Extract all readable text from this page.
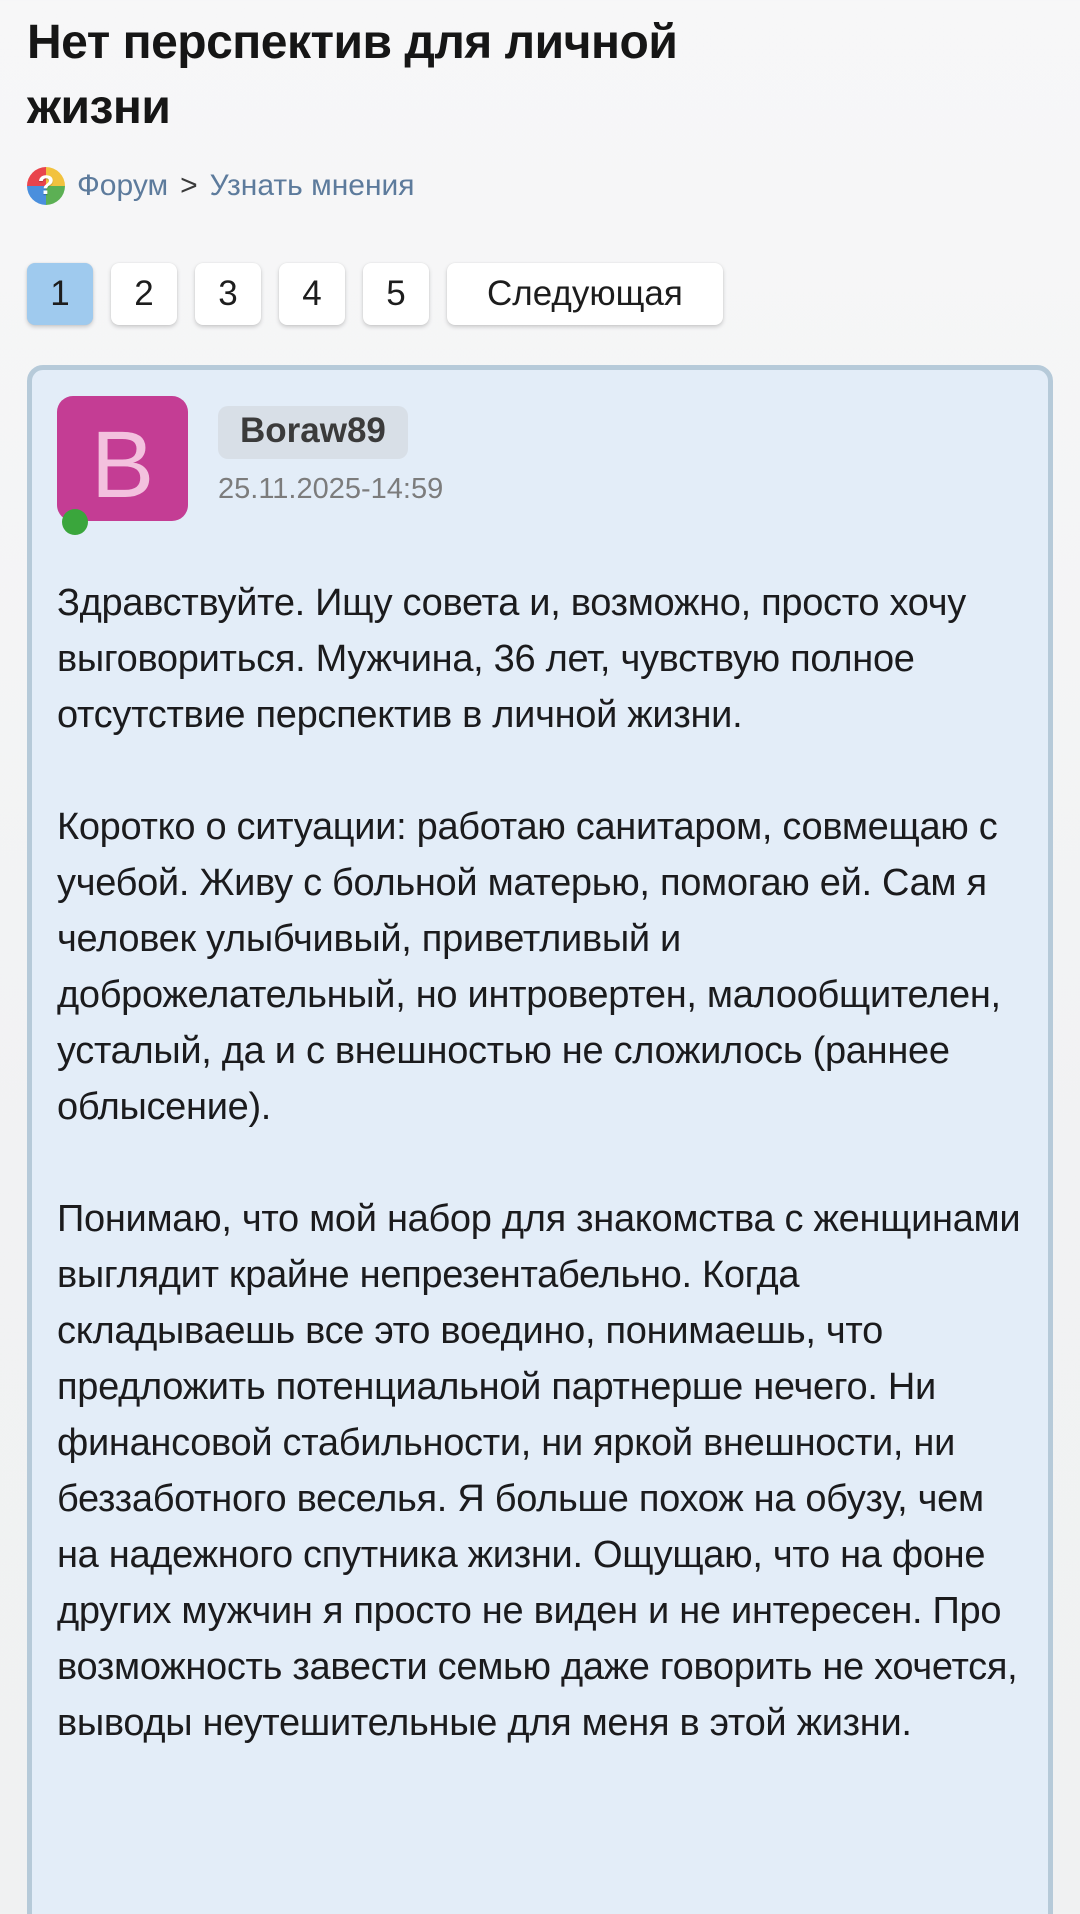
Нет перспектив для личной жизни
? Форум > Узнать мнения
1	2	3	4	5	Следующая
B	Boraw89
25.11.2025-14:59

Здравствуйте. Ищу совета и, возможно, просто хочу выговориться. Мужчина, 36 лет, чувствую полное отсутствие перспектив в личной жизни.

Коротко о ситуации: работаю санитаром, совмещаю с учебой. Живу с больной матерью, помогаю ей. Сам я человек улыбчивый, приветливый и доброжелательный, но интровертен, малообщителен, усталый, да и с внешностью не сложилось (раннее облысение).

Понимаю, что мой набор для знакомства с женщинами выглядит крайне непрезентабельно. Когда складываешь все это воедино, понимаешь, что предложить потенциальной партнерше нечего. Ни финансовой стабильности, ни яркой внешности, ни беззаботного веселья. Я больше похож на обузу, чем на надежного спутника жизни. Ощущаю, что на фоне других мужчин я просто не виден и не интересен. Про возможность завести семью даже говорить не хочется, выводы неутешительные для меня в этой жизни.
